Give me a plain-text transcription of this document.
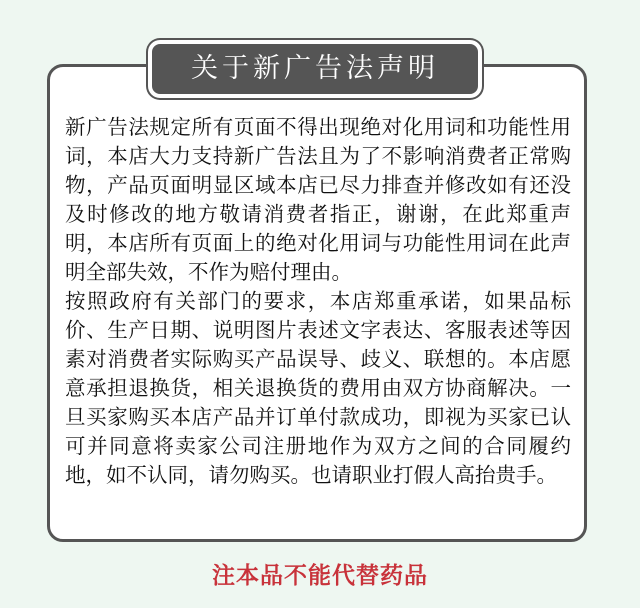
关于新广告法声明

新广告法规定所有页面不得出现绝对化用词和功能性用词，本店大力支持新广告法且为了不影响消费者正常购物，产品页面明显区域本店已尽力排查并修改如有还没及时修改的地方敬请消费者指正，谢谢，在此郑重声明，本店所有页面上的绝对化用词与功能性用词在此声明全部失效，不作为赔付理由。

按照政府有关部门的要求，本店郑重承诺，如果品标价、生产日期、说明图片表述文字表达、客服表述等因素对消费者实际购买产品误导、歧义、联想的。本店愿意承担退换货，相关退换货的费用由双方协商解决。一旦买家购买本店产品并订单付款成功，即视为买家已认可并同意将卖家公司注册地作为双方之间的合同履约地，如不认同，请勿购买。也请职业打假人高抬贵手。

注本品不能代替药品
